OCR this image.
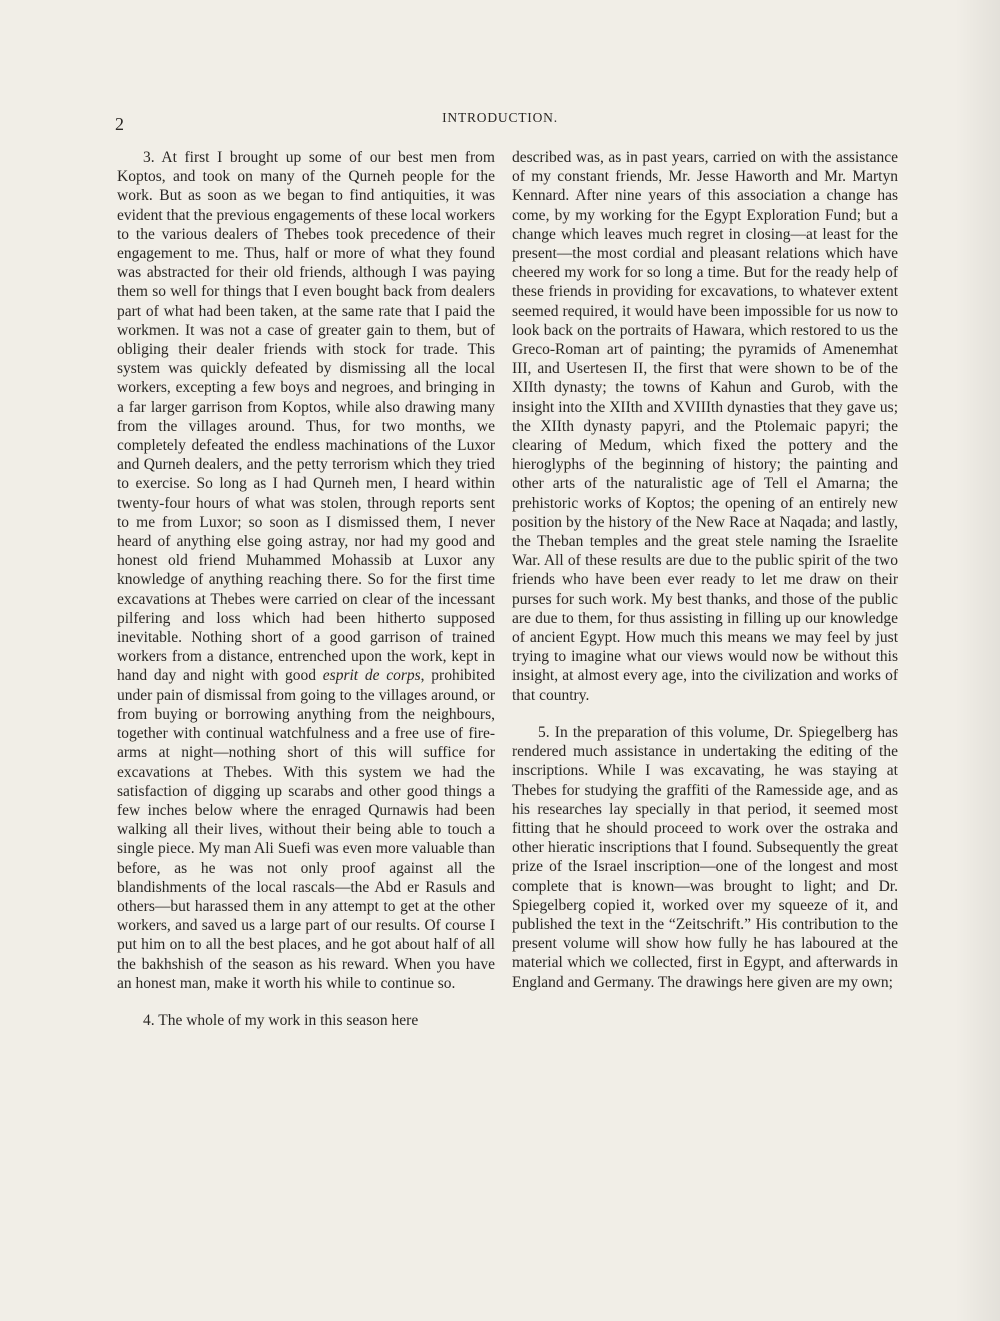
2	INTRODUCTION.

3. At first I brought up some of our best men from Koptos, and took on many of the Qurneh people for the work. But as soon as we began to find antiquities, it was evident that the previous engagements of these local workers to the various dealers of Thebes took precedence of their engagement to me. Thus, half or more of what they found was abstracted for their old friends, although I was paying them so well for things that I even bought back from dealers part of what had been taken, at the same rate that I paid the workmen. It was not a case of greater gain to them, but of obliging their dealer friends with stock for trade. This system was quickly defeated by dismissing all the local workers, excepting a few boys and negroes, and bringing in a far larger garrison from Koptos, while also drawing many from the villages around. Thus, for two months, we completely defeated the endless machinations of the Luxor and Qurneh dealers, and the petty terrorism which they tried to exercise. So long as I had Qurneh men, I heard within twenty-four hours of what was stolen, through reports sent to me from Luxor; so soon as I dismissed them, I never heard of anything else going astray, nor had my good and honest old friend Muhammed Mohassib at Luxor any knowledge of anything reaching there. So for the first time excavations at Thebes were carried on clear of the incessant pilfering and loss which had been hitherto supposed inevitable. Nothing short of a good garrison of trained workers from a distance, entrenched upon the work, kept in hand day and night with good esprit de corps, prohibited under pain of dismissal from going to the villages around, or from buying or borrowing anything from the neighbours, together with continual watchfulness and a free use of fire-arms at night—nothing short of this will suffice for excavations at Thebes. With this system we had the satisfaction of digging up scarabs and other good things a few inches below where the enraged Qurnawis had been walking all their lives, without their being able to touch a single piece. My man Ali Suefi was even more valuable than before, as he was not only proof against all the blandishments of the local rascals—the Abd er Rasuls and others—but harassed them in any attempt to get at the other workers, and saved us a large part of our results. Of course I put him on to all the best places, and he got about half of all the bakhshish of the season as his reward. When you have an honest man, make it worth his while to continue so.

4. The whole of my work in this season here

described was, as in past years, carried on with the assistance of my constant friends, Mr. Jesse Haworth and Mr. Martyn Kennard. After nine years of this association a change has come, by my working for the Egypt Exploration Fund; but a change which leaves much regret in closing—at least for the present—the most cordial and pleasant relations which have cheered my work for so long a time. But for the ready help of these friends in providing for excavations, to whatever extent seemed required, it would have been impossible for us now to look back on the portraits of Hawara, which restored to us the Greco-Roman art of painting; the pyramids of Amenemhat III, and Usertesen II, the first that were shown to be of the XIIth dynasty; the towns of Kahun and Gurob, with the insight into the XIIth and XVIIIth dynasties that they gave us; the XIIth dynasty papyri, and the Ptolemaic papyri; the clearing of Medum, which fixed the pottery and the hieroglyphs of the beginning of history; the painting and other arts of the naturalistic age of Tell el Amarna; the prehistoric works of Koptos; the opening of an entirely new position by the history of the New Race at Naqada; and lastly, the Theban temples and the great stele naming the Israelite War. All of these results are due to the public spirit of the two friends who have been ever ready to let me draw on their purses for such work. My best thanks, and those of the public are due to them, for thus assisting in filling up our knowledge of ancient Egypt. How much this means we may feel by just trying to imagine what our views would now be without this insight, at almost every age, into the civilization and works of that country.

5. In the preparation of this volume, Dr. Spiegelberg has rendered much assistance in undertaking the editing of the inscriptions. While I was excavating, he was staying at Thebes for studying the graffiti of the Ramesside age, and as his researches lay specially in that period, it seemed most fitting that he should proceed to work over the ostraka and other hieratic inscriptions that I found. Subsequently the great prize of the Israel inscription—one of the longest and most complete that is known—was brought to light; and Dr. Spiegelberg copied it, worked over my squeeze of it, and published the text in the “Zeitschrift.” His contribution to the present volume will show how fully he has laboured at the material which we collected, first in Egypt, and afterwards in England and Germany. The drawings here given are my own;
